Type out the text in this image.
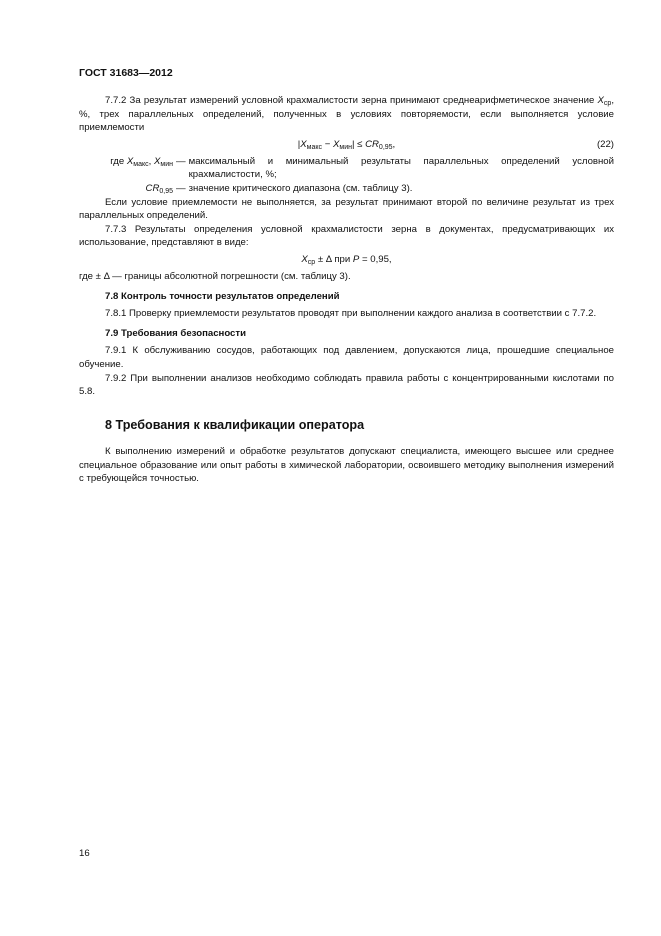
ГОСТ 31683—2012

7.7.2 За результат измерений условной крахмалистости зерна принимают среднеарифметическое значение $X_{ср}$, %, трех параллельных определений, полученных в условиях повторяемости, если выполняется условие приемлемости

$|X_{макс} - X_{мин}| \le CR_{0,95}$,	(22)
где $X_{макс}$, $X_{мин}$ — максимальный и минимальный результаты параллельных определений условной крахмалистости, %;
$CR_{0,95}$ — значение критического диапазона (см. таблицу 3).

Если условие приемлемости не выполняется, за результат принимают второй по величине результат из трех параллельных определений.

7.7.3 Результаты определения условной крахмалистости зерна в документах, предусматривающих их использование, представляют в виде:

$X_{ср} \pm \Delta$ при P = 0,95,

где ± Δ — границы абсолютной погрешности (см. таблицу 3).

7.8 Контроль точности результатов определений

7.8.1 Проверку приемлемости результатов проводят при выполнении каждого анализа в соответствии с 7.7.2.

7.9 Требования безопасности

7.9.1 К обслуживанию сосудов, работающих под давлением, допускаются лица, прошедшие специальное обучение.

7.9.2 При выполнении анализов необходимо соблюдать правила работы с концентрированными кислотами по 5.8.

8 Требования к квалификации оператора

К выполнению измерений и обработке результатов допускают специалиста, имеющего высшее или среднее специальное образование или опыт работы в химической лаборатории, освоившего методику выполнения измерений с требующейся точностью.

16
